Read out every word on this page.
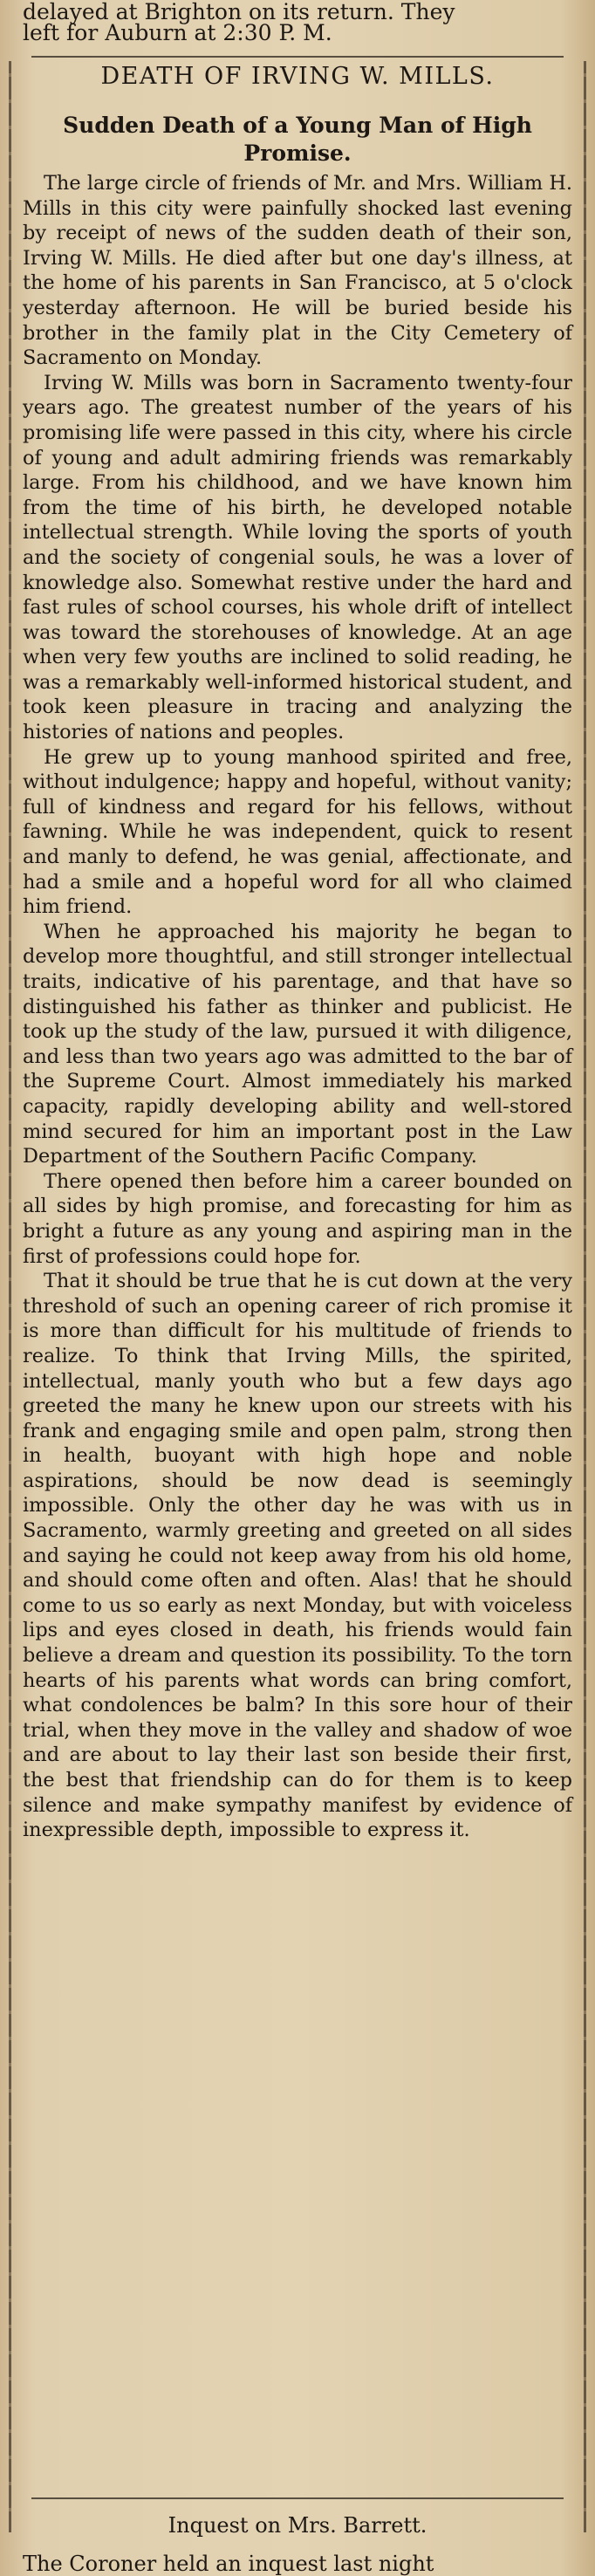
delayed at Brighton on its return. They
left for Auburn at 2:30 P. M.
DEATH OF IRVING W. MILLS.
Sudden Death of a Young Man of High Promise.

The large circle of friends of Mr. and Mrs. William H. Mills in this city were painfully shocked last evening by receipt of news of the sudden death of their son, Irving W. Mills. He died after but one day's illness, at the home of his parents in San Francisco, at 5 o'clock yesterday afternoon. He will be buried beside his brother in the family plat in the City Cemetery of Sacramento on Monday.

Irving W. Mills was born in Sacramento twenty-four years ago. The greatest number of the years of his promising life were passed in this city, where his circle of young and adult admiring friends was remarkably large. From his childhood, and we have known him from the time of his birth, he developed notable intellectual strength. While loving the sports of youth and the society of congenial souls, he was a lover of knowledge also. Somewhat restive under the hard and fast rules of school courses, his whole drift of intellect was toward the storehouses of knowledge. At an age when very few youths are inclined to solid reading, he was a remarkably well-informed historical student, and took keen pleasure in tracing and analyzing the histories of nations and peoples.

He grew up to young manhood spirited and free, without indulgence; happy and hopeful, without vanity; full of kindness and regard for his fellows, without fawning. While he was independent, quick to resent and manly to defend, he was genial, affectionate, and had a smile and a hopeful word for all who claimed him friend.

When he approached his majority he began to develop more thoughtful, and still stronger intellectual traits, indicative of his parentage, and that have so distinguished his father as thinker and publicist. He took up the study of the law, pursued it with diligence, and less than two years ago was admitted to the bar of the Supreme Court. Almost immediately his marked capacity, rapidly developing ability and well-stored mind secured for him an important post in the Law Department of the Southern Pacific Company.

There opened then before him a career bounded on all sides by high promise, and forecasting for him as bright a future as any young and aspiring man in the first of professions could hope for.

That it should be true that he is cut down at the very threshold of such an opening career of rich promise it is more than difficult for his multitude of friends to realize. To think that Irving Mills, the spirited, intellectual, manly youth who but a few days ago greeted the many he knew upon our streets with his frank and engaging smile and open palm, strong then in health, buoyant with high hope and noble aspirations, should be now dead is seemingly impossible. Only the other day he was with us in Sacramento, warmly greeting and greeted on all sides and saying he could not keep away from his old home, and should come often and often. Alas! that he should come to us so early as next Monday, but with voiceless lips and eyes closed in death, his friends would fain believe a dream and question its possibility. To the torn hearts of his parents what words can bring comfort, what condolences be balm? In this sore hour of their trial, when they move in the valley and shadow of woe and are about to lay their last son beside their first, the best that friendship can do for them is to keep silence and make sympathy manifest by evidence of inexpressible depth, impossible to express it.

Inquest on Mrs. Barrett.
The Coroner held an inquest last night
